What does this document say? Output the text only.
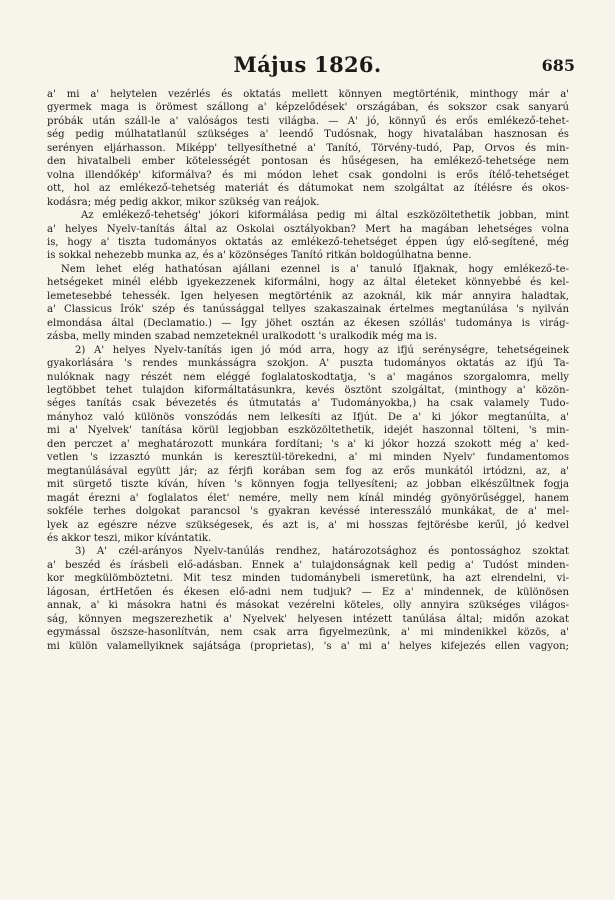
Május 1826.	685
a' mi a' helytelen vezérlés és oktatás mellett könnyen megtörténik, minthogy már a'
gyermek maga is örömest szállong a' képzelődések' országában, és sokszor csak sanyarú
próbák után száll-le a' valóságos testi világba. — A' jó, könnyű és erős emlékező-tehet-
ség pedig múlhatatlanúl szükséges a' leendő Tudósnak, hogy hivatalában hasznosan és
serényen eljárhasson. Miképp' tellyesíthetné a' Tanító, Törvény-tudó, Pap, Orvos és min-
den hivatalbeli ember kötelességét pontosan és hűségesen, ha emlékező-tehetsége nem
volna illendőkép' kiformálva? és mi módon lehet csak gondolni is erős ítélő-tehetséget
ott, hol az emlékező-tehetség materiát és dátumokat nem szolgáltat az ítélésre és okos-
kodásra; még pedig akkor, mikor szükség van reájok.
Az emlékező-tehetség' jókori kiformálása pedig mi által eszközöltethetik jobban, mint
a' helyes Nyelv-tanítás által az Oskolai osztályokban? Mert ha magában lehetséges volna
is, hogy a' tiszta tudományos oktatás az emlékező-tehetséget éppen úgy elő-segítené, még
is sokkal nehezebb munka az, és a' közönséges Tanító ritkán boldogúlhatna benne.
Nem lehet elég hathatósan ajállani ezennel is a' tanuló Ifjaknak, hogy emlékező-te-
hetségeket minél elébb igyekezzenek kiformálni, hogy az által életeket könnyebbé és kel-
lemetesebbé tehessék. Igen helyesen megtörténik az azoknál, kik már annyira haladtak,
a' Classicus Írók' szép és tanússággal tellyes szakaszainak értelmes megtanúlása 's nyilván
elmondása által (Declamatio.) — Így jöhet osztán az ékesen szóllás' tudománya is virág-
zásba, melly minden szabad nemzeteknél uralkodott 's uralkodik még ma is.
2) A' helyes Nyelv-tanítás igen jó mód arra, hogy az ifjú serénységre, tehetségeinek
gyakorlására 's rendes munkásságra szokjon. A' puszta tudományos oktatás az ifjú Ta-
nulóknak nagy részét nem eléggé foglalatoskodtatja, 's a' magános szorgalomra, melly
legtöbbet tehet tulajdon kiformáltatásunkra, kevés ösztönt szolgáltat, (minthogy a' közön-
séges tanítás csak bévezetés és útmutatás a' Tudományokba,) ha csak valamely Tudo-
mányhoz való különös vonszódás nem lelkesíti az Ifjút. De a' ki jókor megtanúlta, a'
mi a' Nyelvek' tanítása körül legjobban eszközöltethetik, idejét haszonnal tölteni, 's min-
den perczet a' meghatározott munkára fordítani; 's a' ki jókor hozzá szokott még a' ked-
vetlen 's izzasztó munkán is keresztül-törekedni, a' mi minden Nyelv' fundamentomos
megtanúlásával együtt jár; az férjfi korában sem fog az erős munkától irtódzni, az, a'
mit sürgető tiszte kíván, híven 's könnyen fogja tellyesíteni; az jobban elkészűltnek fogja
magát érezni a' foglalatos élet' nemére, melly nem kínál mindég gyönyörűséggel, hanem
sokféle terhes dolgokat parancsol 's gyakran kevéssé interesszáló munkákat, de a' mel-
lyek az egészre nézve szükségesek, és azt is, a' mi hosszas fejtörésbe kerűl, jó kedvel
és akkor teszi, mikor kívántatik.
3) A' czél-arányos Nyelv-tanúlás rendhez, határozotsághoz és pontossághoz szoktat
a' beszéd és írásbeli elő-adásban. Ennek a' tulajdonságnak kell pedig a' Tudóst minden-
kor megkülömböztetni. Mit tesz minden tudománybeli ismeretünk, ha azt elrendelni, vi-
lágosan, értHetően és ékesen elő-adni nem tudjuk? — Ez a' mindennek, de különösen
annak, a' ki másokra hatni és másokat vezérelni köteles, olly annyira szükséges világos-
ság, könnyen megszerezhetik a' Nyelvek' helyesen intézett tanúlása által; midőn azokat
egymással öszsze-hasonlítván, nem csak arra figyelmezünk, a' mi mindenikkel közös, a'
mi külön valamellyiknek sajátsága (proprietas), 's a' mi a' helyes kifejezés ellen vagyon;
